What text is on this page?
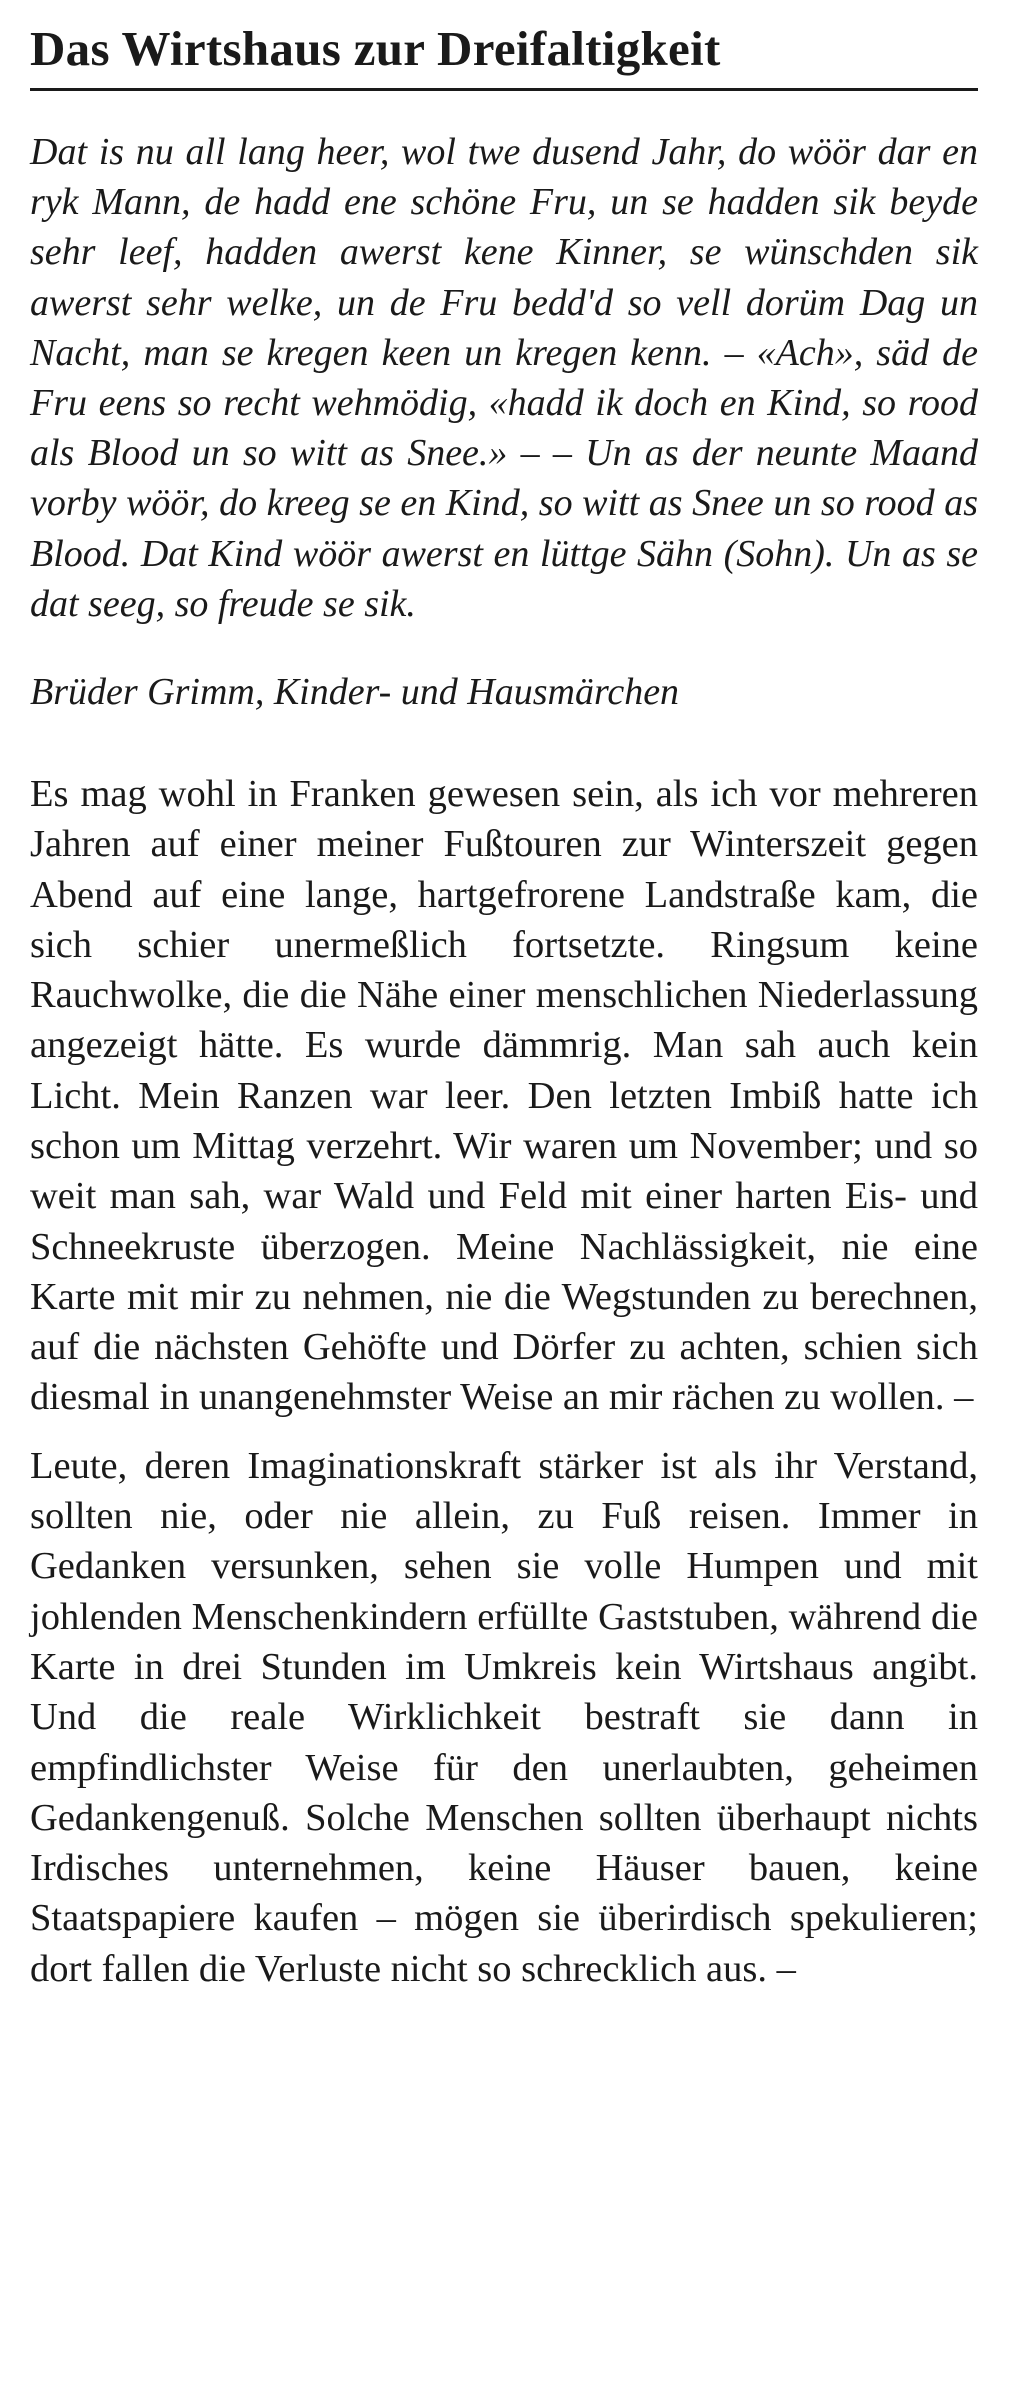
Das Wirtshaus zur Dreifaltigkeit

Dat is nu all lang heer, wol twe dusend Jahr, do wöör dar en ryk Mann, de hadd ene schöne Fru, un se hadden sik beyde sehr leef, hadden awerst kene Kinner, se wünschden sik awerst sehr welke, un de Fru bedd'd so vell dorüm Dag un Nacht, man se kregen keen un kregen kenn. – «Ach», säd de Fru eens so recht wehmödig, «hadd ik doch en Kind, so rood als Blood un so witt as Snee.» – – Un as der neunte Maand vorby wöör, do kreeg se en Kind, so witt as Snee un so rood as Blood. Dat Kind wöör awerst en lüttge Sähn (Sohn). Un as se dat seeg, so freude se sik.

Brüder Grimm, Kinder- und Hausmärchen

Es mag wohl in Franken gewesen sein, als ich vor mehreren Jahren auf einer meiner Fußtouren zur Winterszeit gegen Abend auf eine lange, hartgefrorene Landstraße kam, die sich schier unermeßlich fortsetzte. Ringsum keine Rauchwolke, die die Nähe einer menschlichen Niederlassung angezeigt hätte. Es wurde dämmrig. Man sah auch kein Licht. Mein Ranzen war leer. Den letzten Imbiß hatte ich schon um Mittag verzehrt. Wir waren um November; und so weit man sah, war Wald und Feld mit einer harten Eis- und Schneekruste überzogen. Meine Nachlässigkeit, nie eine Karte mit mir zu nehmen, nie die Wegstunden zu berechnen, auf die nächsten Gehöfte und Dörfer zu achten, schien sich diesmal in unangenehmster Weise an mir rächen zu wollen. –

Leute, deren Imaginationskraft stärker ist als ihr Verstand, sollten nie, oder nie allein, zu Fuß reisen. Immer in Gedanken versunken, sehen sie volle Humpen und mit johlenden Menschenkindern erfüllte Gaststuben, während die Karte in drei Stunden im Umkreis kein Wirtshaus angibt. Und die reale Wirklichkeit bestraft sie dann in empfindlichster Weise für den unerlaubten, geheimen Gedankengenuß. Solche Menschen sollten überhaupt nichts Irdisches unternehmen, keine Häuser bauen, keine Staatspapiere kaufen – mögen sie überirdisch spekulieren; dort fallen die Verluste nicht so schrecklich aus. –
